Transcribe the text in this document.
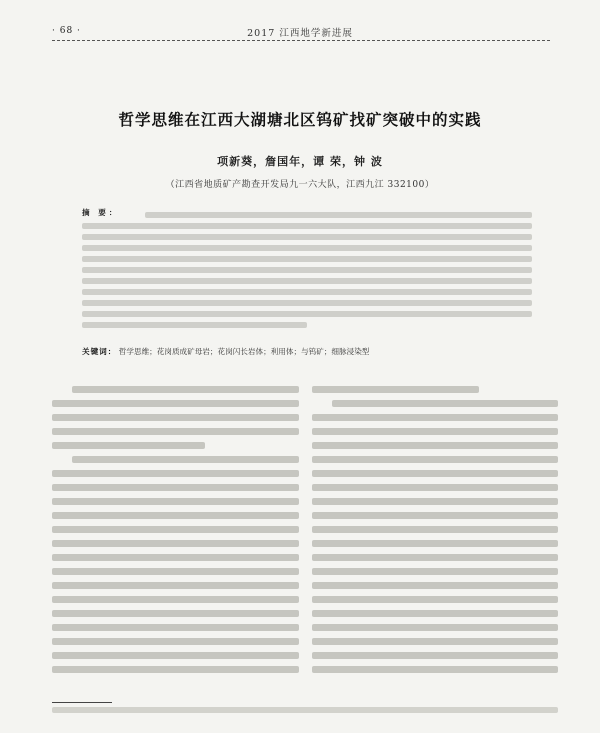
· 68 ·	2017 江西地学新进展
哲学思维在江西大湖塘北区钨矿找矿突破中的实践
项新葵，詹国年，谭 荣，钟 波
（江西省地质矿产勘查开发局九一六大队，江西九江 332100）
摘 要：
关键词： 哲学思维；花岗质成矿母岩；花岗闪长岩体；利用体；与钨矿；细脉浸染型
